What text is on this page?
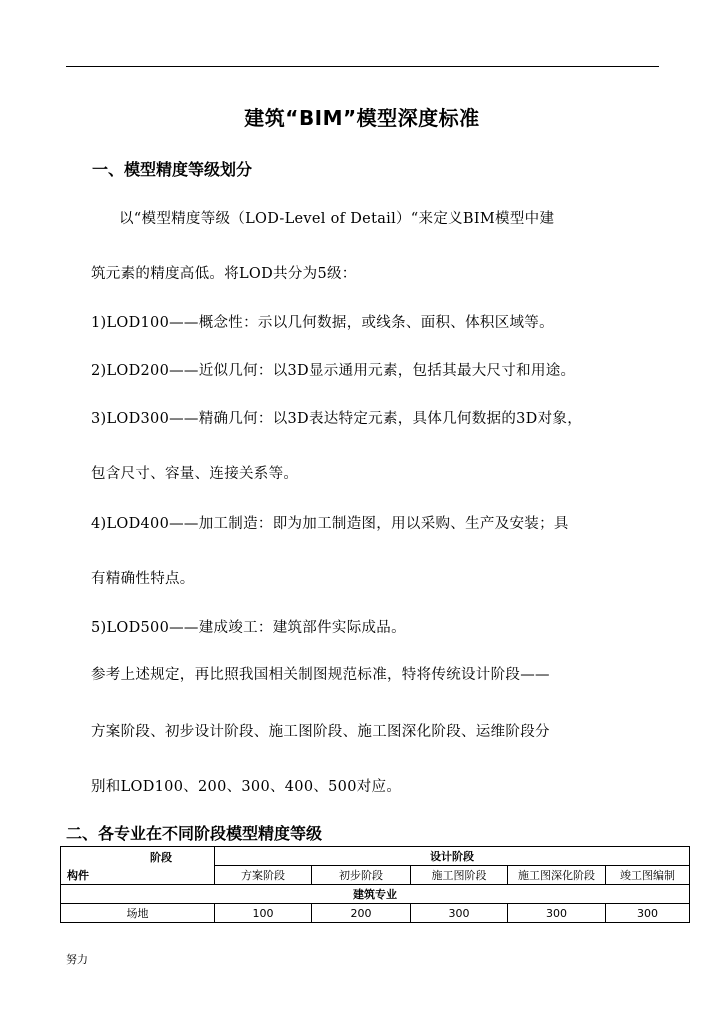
建筑“BIM”模型深度标准
一、模型精度等级划分
以“模型精度等级（LOD-Level of Detail）“来定义BIM模型中建
筑元素的精度高低。将LOD共分为5级：
1)LOD100——概念性：示以几何数据，或线条、面积、体积区域等。
2)LOD200——近似几何：以3D显示通用元素，包括其最大尺寸和用途。
3)LOD300——精确几何：以3D表达特定元素，具体几何数据的3D对象，
包含尺寸、容量、连接关系等。
4)LOD400——加工制造：即为加工制造图，用以采购、生产及安装；具
有精确性特点。
5)LOD500——建成竣工：建筑部件实际成品。
参考上述规定，再比照我国相关制图规范标准，特将传统设计阶段——
方案阶段、初步设计阶段、施工图阶段、施工图深化阶段、运维阶段分
别和LOD100、200、300、400、500对应。
二、各专业在不同阶段模型精度等级
阶段
构件	设计阶段				
	方案阶段	初步阶段	施工图阶段	施工图深化阶段	竣工图编制
建筑专业					
场地	100	200	300	300	300
努力
